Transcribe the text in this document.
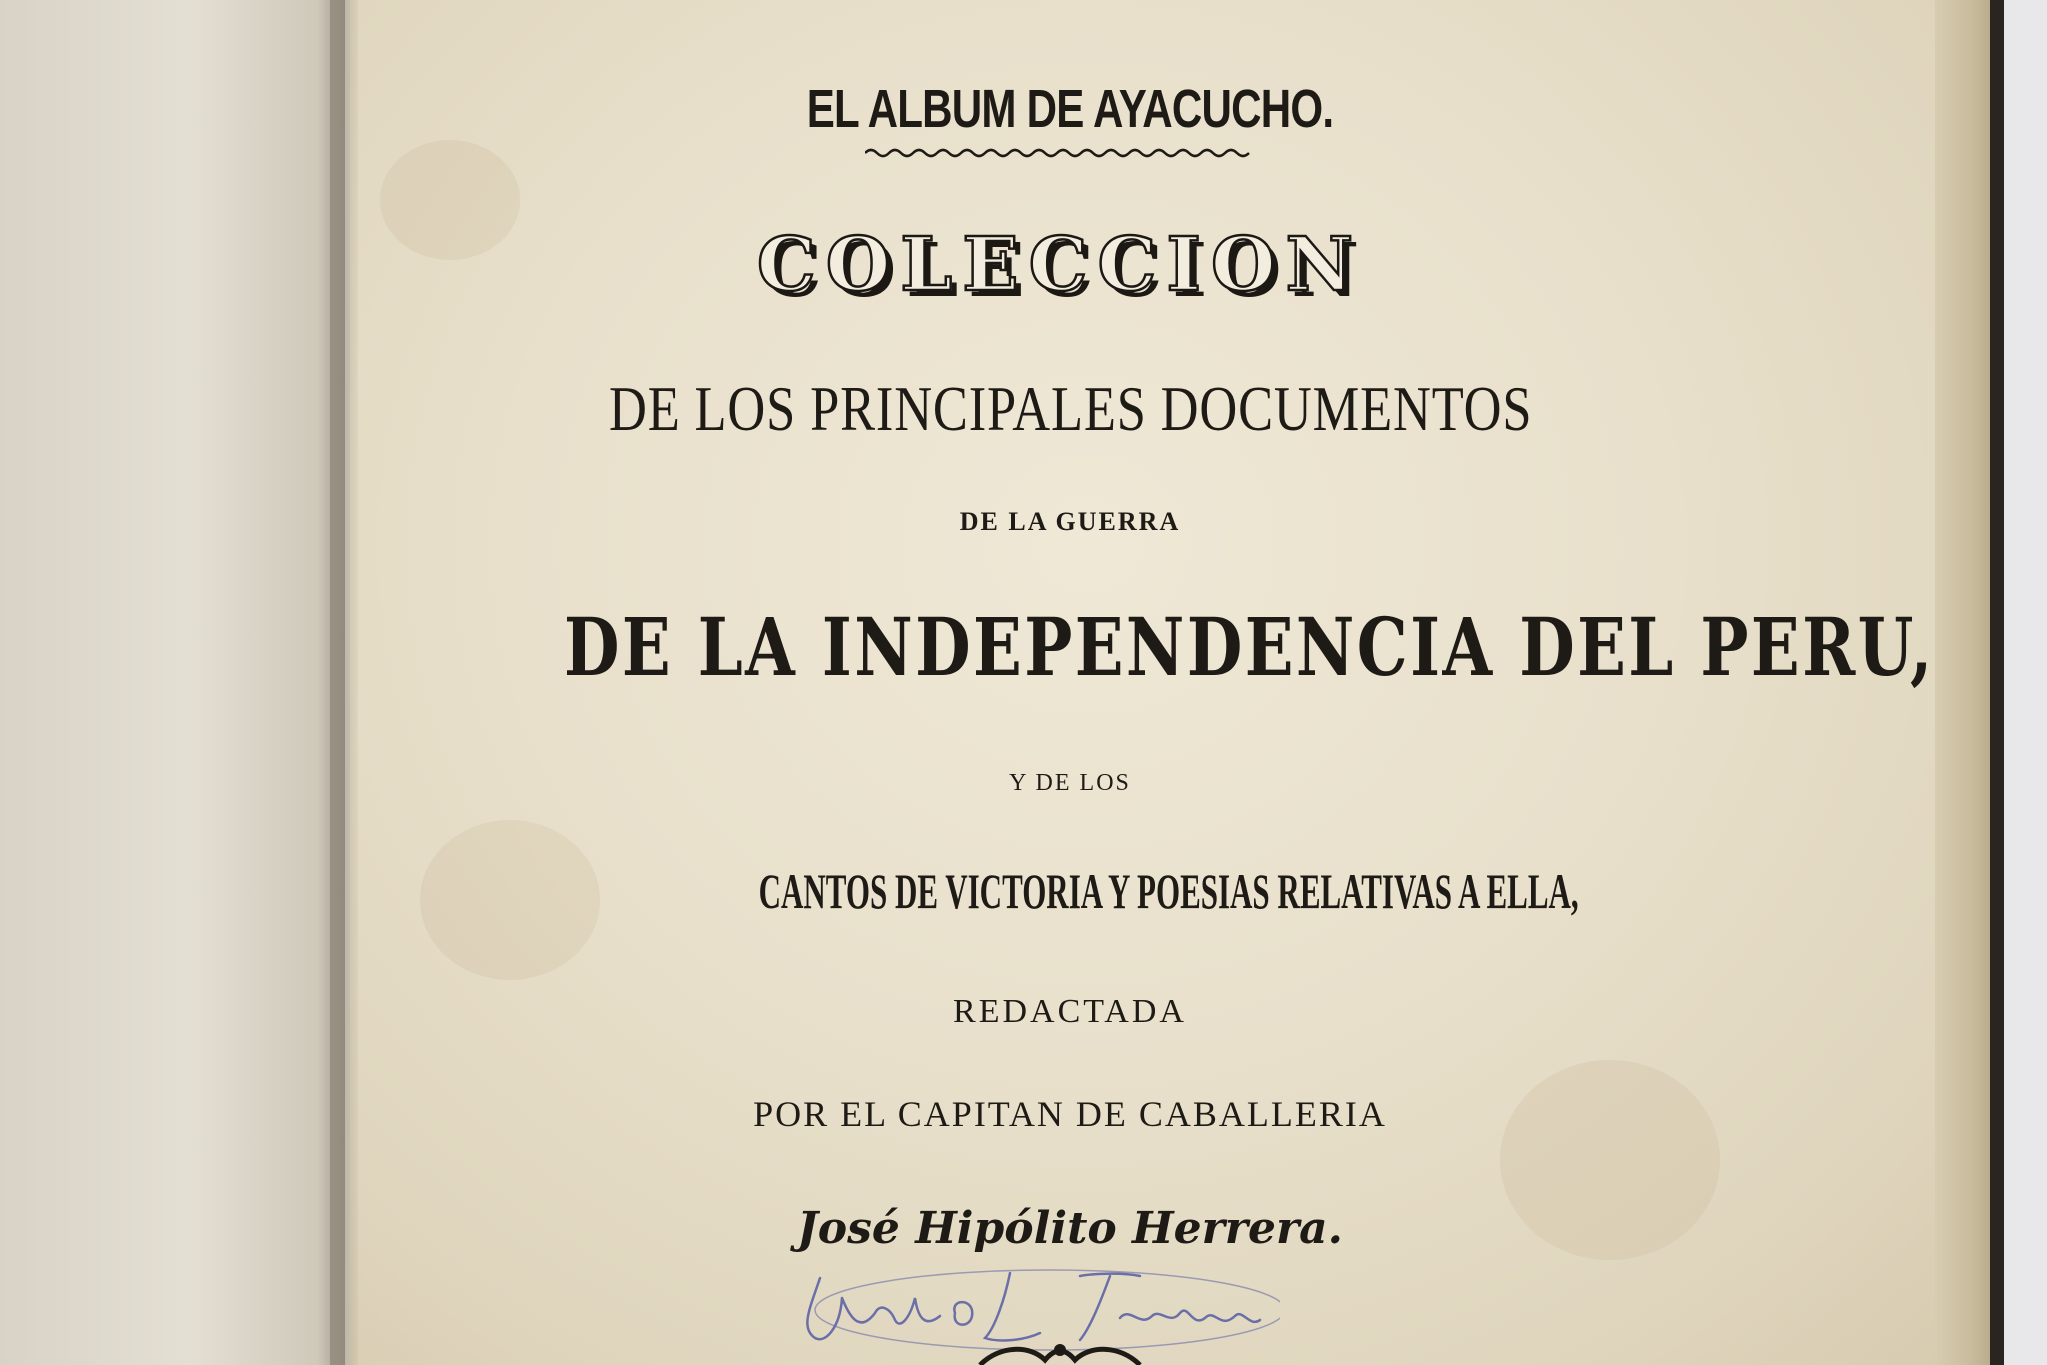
EL ALBUM DE AYACUCHO.
COLECCION
DE LOS PRINCIPALES DOCUMENTOS
DE LA GUERRA
DE LA INDEPENDENCIA DEL PERU,
Y DE LOS
CANTOS DE VICTORIA Y POESIAS RELATIVAS A ELLA,
REDACTADA
POR EL CAPITAN DE CABALLERIA
José Hipólito Herrera.
